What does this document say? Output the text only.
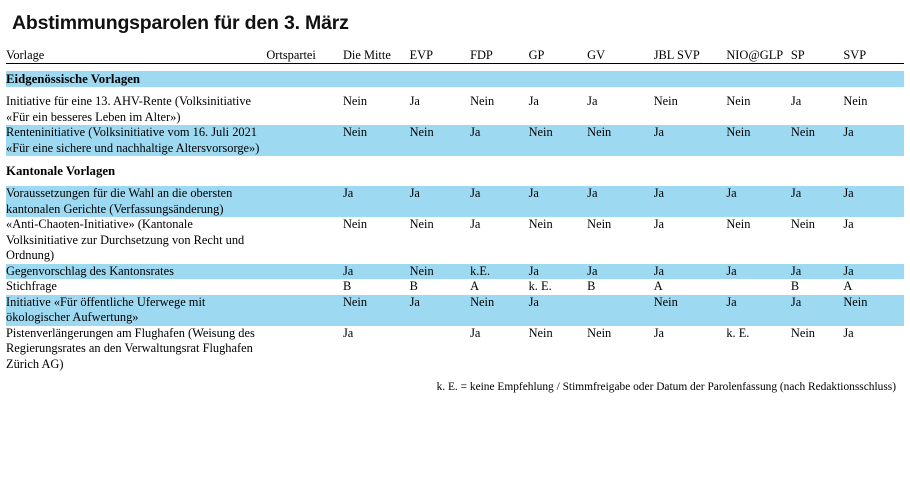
Abstimmungsparolen für den 3. März
Vorlage	Ortspartei	Die Mitte	EVP	FDP	GP	GV	JBL SVP	NIO@GLP	SP	SVP

Eidgenössische Vorlagen										

Initiative für eine 13. AHV-Rente (Volksinitiative «Für ein besseres Leben im Alter»)		Nein	Ja	Nein	Ja	Ja	Nein	Nein	Ja	Nein
Renteninitiative (Volksinitiative vom 16. Juli 2021 «Für eine sichere und nachhaltige Altersvorsorge»)		Nein	Nein	Ja	Nein	Nein	Ja	Nein	Nein	Ja

Kantonale Vorlagen										

Voraussetzungen für die Wahl an die obersten kantonalen Gerichte (Verfassungsänderung)		Ja	Ja	Ja	Ja	Ja	Ja	Ja	Ja	Ja
«Anti-Chaoten-Initiative» (Kantonale Volksinitiative zur Durchsetzung von Recht und Ordnung)		Nein	Nein	Ja	Nein	Nein	Ja	Nein	Nein	Ja
Gegenvorschlag des Kantonsrates		Ja	Nein	k.E.	Ja	Ja	Ja	Ja	Ja	Ja
Stichfrage		B	B	A	k. E.	B	A		B	A
Initiative «Für öffentliche Uferwege mit ökologischer Aufwertung»		Nein	Ja	Nein	Ja		Nein	Ja	Ja	Nein
Pistenverlängerungen am Flughafen (Weisung des Regierungsrates an den Verwaltungsrat Flughafen Zürich AG)		Ja		Ja	Nein	Nein	Ja	k. E.	Nein	Ja

k. E. = keine Empfehlung / Stimmfreigabe oder Datum der Parolenfassung (nach Redaktionsschluss)
